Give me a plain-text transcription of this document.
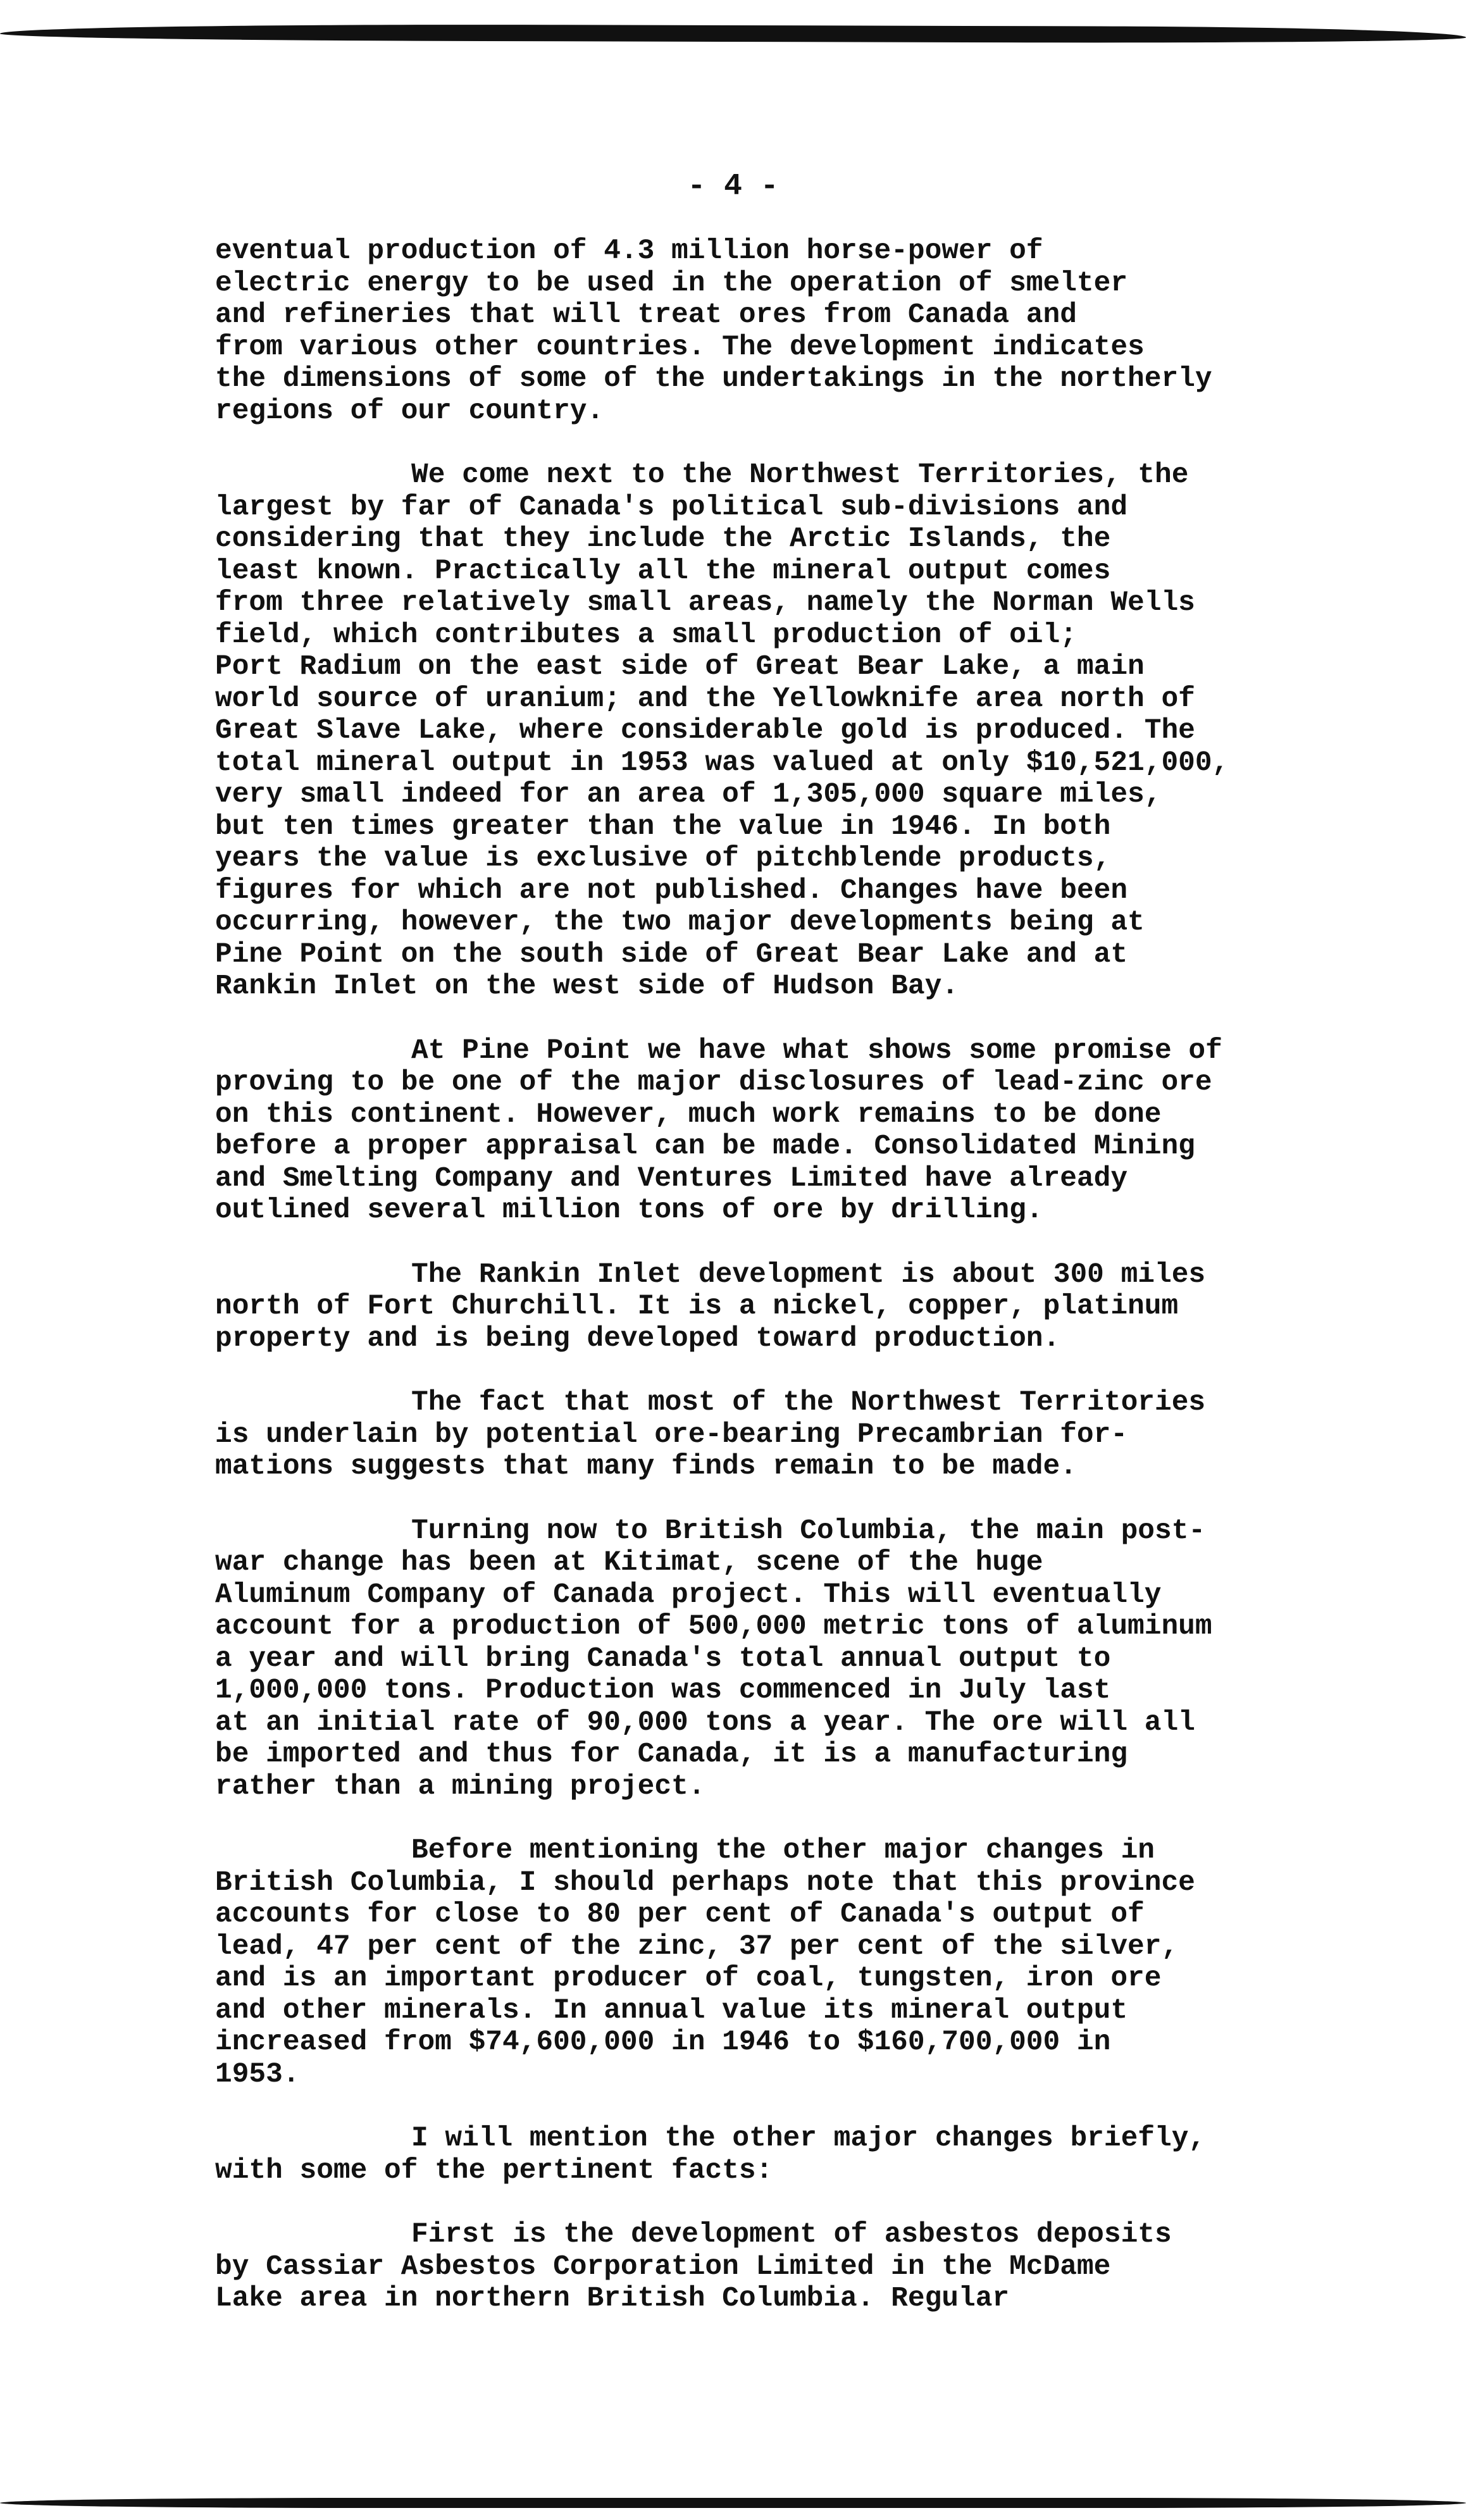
- 4 -

eventual production of 4.3 million horse-power of
electric energy to be used in the operation of smelter
and refineries that will treat ores from Canada and
from various other countries. The development indicates
the dimensions of some of the undertakings in the northerly
regions of our country.

We come next to the Northwest Territories, the
largest by far of Canada's political sub-divisions and
considering that they include the Arctic Islands, the
least known. Practically all the mineral output comes
from three relatively small areas, namely the Norman Wells
field, which contributes a small production of oil;
Port Radium on the east side of Great Bear Lake, a main
world source of uranium; and the Yellowknife area north of
Great Slave Lake, where considerable gold is produced. The
total mineral output in 1953 was valued at only $10,521,000,
very small indeed for an area of 1,305,000 square miles,
but ten times greater than the value in 1946. In both
years the value is exclusive of pitchblende products,
figures for which are not published. Changes have been
occurring, however, the two major developments being at
Pine Point on the south side of Great Bear Lake and at
Rankin Inlet on the west side of Hudson Bay.

At Pine Point we have what shows some promise of
proving to be one of the major disclosures of lead-zinc ore
on this continent. However, much work remains to be done
before a proper appraisal can be made. Consolidated Mining
and Smelting Company and Ventures Limited have already
outlined several million tons of ore by drilling.

The Rankin Inlet development is about 300 miles
north of Fort Churchill. It is a nickel, copper, platinum
property and is being developed toward production.

The fact that most of the Northwest Territories
is underlain by potential ore-bearing Precambrian for-
mations suggests that many finds remain to be made.

Turning now to British Columbia, the main post-
war change has been at Kitimat, scene of the huge
Aluminum Company of Canada project. This will eventually
account for a production of 500,000 metric tons of aluminum
a year and will bring Canada's total annual output to
1,000,000 tons. Production was commenced in July last
at an initial rate of 90,000 tons a year. The ore will all
be imported and thus for Canada, it is a manufacturing
rather than a mining project.

Before mentioning the other major changes in
British Columbia, I should perhaps note that this province
accounts for close to 80 per cent of Canada's output of
lead, 47 per cent of the zinc, 37 per cent of the silver,
and is an important producer of coal, tungsten, iron ore
and other minerals. In annual value its mineral output
increased from $74,600,000 in 1946 to $160,700,000 in
1953.

I will mention the other major changes briefly,
with some of the pertinent facts:

First is the development of asbestos deposits
by Cassiar Asbestos Corporation Limited in the McDame
Lake area in northern British Columbia. Regular
